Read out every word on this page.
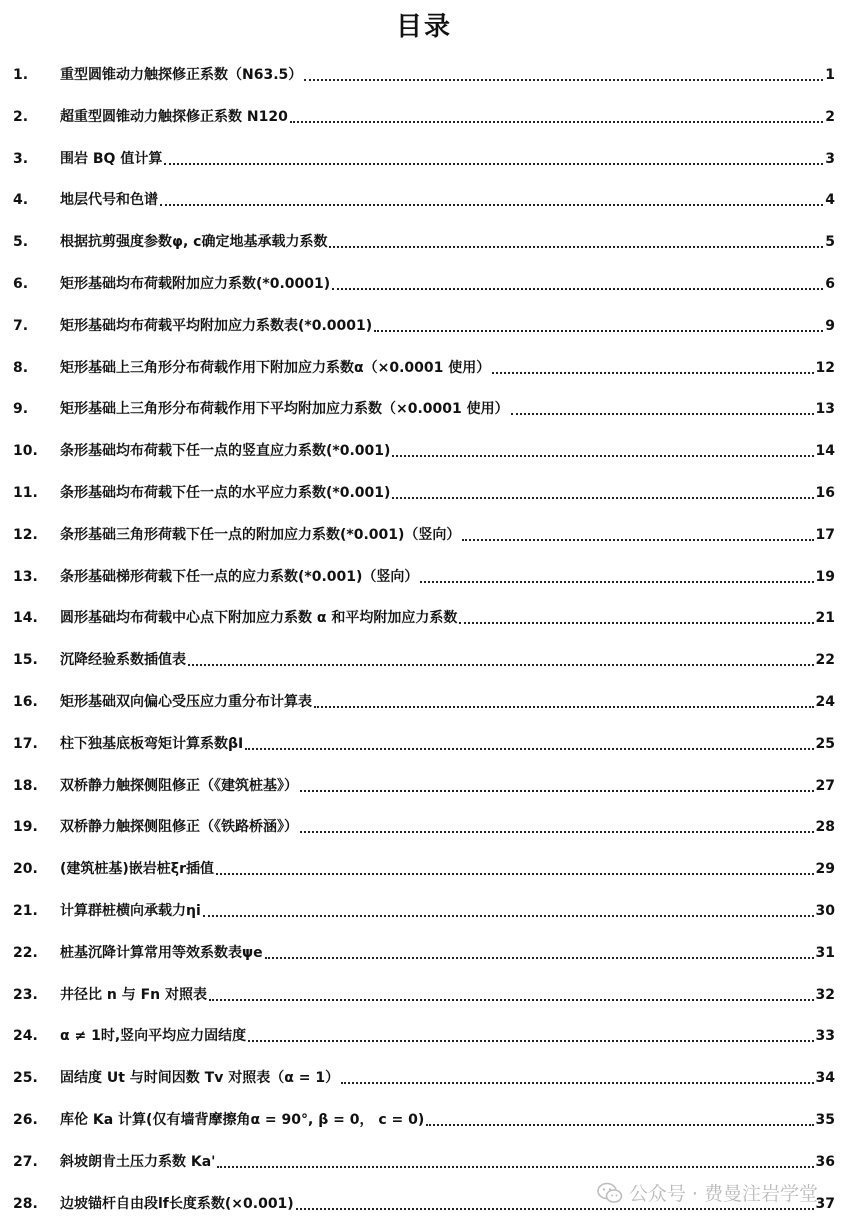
目录
1.	重型圆锥动力触探修正系数（N63.5）	1
2.	超重型圆锥动力触探修正系数 N120	2
3.	围岩 BQ 值计算	3
4.	地层代号和色谱	4
5.	根据抗剪强度参数φ, c确定地基承载力系数	5
6.	矩形基础均布荷载附加应力系数(*0.0001)	6
7.	矩形基础均布荷载平均附加应力系数表(*0.0001)	9
8.	矩形基础上三角形分布荷载作用下附加应力系数α（×0.0001 使用）	12
9.	矩形基础上三角形分布荷载作用下平均附加应力系数（×0.0001 使用）	13
10.	条形基础均布荷载下任一点的竖直应力系数(*0.001)	14
11.	条形基础均布荷载下任一点的水平应力系数(*0.001)	16
12.	条形基础三角形荷载下任一点的附加应力系数(*0.001)（竖向）	17
13.	条形基础梯形荷载下任一点的应力系数(*0.001)（竖向）	19
14.	圆形基础均布荷载中心点下附加应力系数 α 和平均附加应力系数	21
15.	沉降经验系数插值表	22
16.	矩形基础双向偏心受压应力重分布计算表	24
17.	柱下独基底板弯矩计算系数βI	25
18.	双桥静力触探侧阻修正（《建筑桩基》）	27
19.	双桥静力触探侧阻修正（《铁路桥涵》）	28
20.	(建筑桩基)嵌岩桩ξr插值	29
21.	计算群桩横向承载力ηi	30
22.	桩基沉降计算常用等效系数表ψe	31
23.	井径比 n 与 Fn 对照表	32
24.	α ≠ 1时,竖向平均应力固结度	33
25.	固结度 Ut 与时间因数 Tv 对照表（α = 1）	34
26.	库伦 Ka 计算(仅有墙背摩擦角α = 90°, β = 0， c = 0)	35
27.	斜坡朗肯土压力系数 Ka'	36
28.	边坡锚杆自由段lf长度系数(×0.001)	37
公众号 · 费曼注岩学堂
